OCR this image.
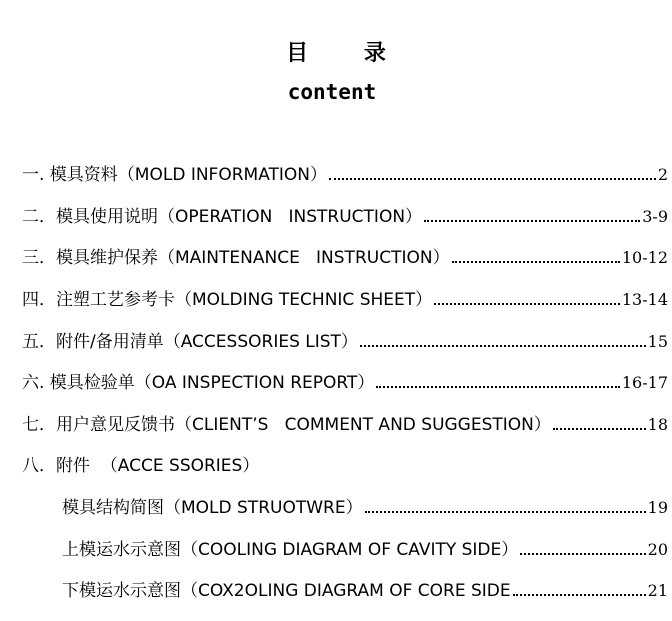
目 录
content
一. 模具资料（MOLD INFORMATION）	2
二．模具使用说明（OPERATION   INSTRUCTION）	3-9
三．模具维护保养（MAINTENANCE   INSTRUCTION）	10-12
四．注塑工艺参考卡（MOLDING TECHNIC SHEET）	13-14
五．附件/备用清单（ACCESSORIES LIST）	15
六. 模具检验单（OA INSPECTION REPORT）	16-17
七．用户意见反馈书（CLIENT’S   COMMENT AND SUGGESTION）	18
八．附件  （ACCE SSORIES）
模具结构简图（MOLD STRUOTWRE）	19
上模运水示意图（COOLING DIAGRAM OF CAVITY SIDE）	20
下模运水示意图（COX2OLING DIAGRAM OF CORE SIDE	21
